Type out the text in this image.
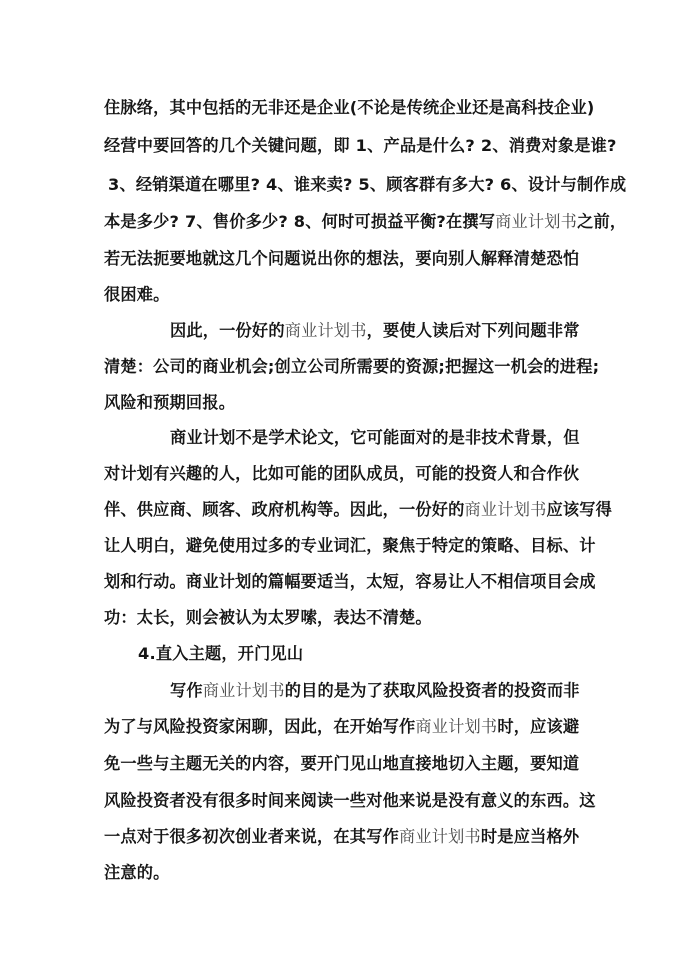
住脉络，其中包括的无非还是企业(不论是传统企业还是高科技企业)
经营中要回答的几个关键问题，即 1、产品是什么? 2、消费对象是谁?
3、经销渠道在哪里? 4、谁来卖? 5、顾客群有多大? 6、设计与制作成
本是多少? 7、售价多少? 8、何时可损益平衡?在撰写商业计划书之前，
若无法扼要地就这几个问题说出你的想法，要向别人解释清楚恐怕
很困难。
因此，一份好的商业计划书，要使人读后对下列问题非常
清楚：公司的商业机会;创立公司所需要的资源;把握这一机会的进程;
风险和预期回报。
商业计划不是学术论文，它可能面对的是非技术背景，但
对计划有兴趣的人，比如可能的团队成员，可能的投资人和合作伙
伴、供应商、顾客、政府机构等。因此，一份好的商业计划书应该写得
让人明白，避免使用过多的专业词汇，聚焦于特定的策略、目标、计
划和行动。商业计划的篇幅要适当，太短，容易让人不相信项目会成
功：太长，则会被认为太罗嗦，表达不清楚。
4.直入主题，开门见山
写作商业计划书的目的是为了获取风险投资者的投资而非
为了与风险投资家闲聊，因此，在开始写作商业计划书时，应该避
免一些与主题无关的内容，要开门见山地直接地切入主题，要知道
风险投资者没有很多时间来阅读一些对他来说是没有意义的东西。这
一点对于很多初次创业者来说，在其写作商业计划书时是应当格外
注意的。
